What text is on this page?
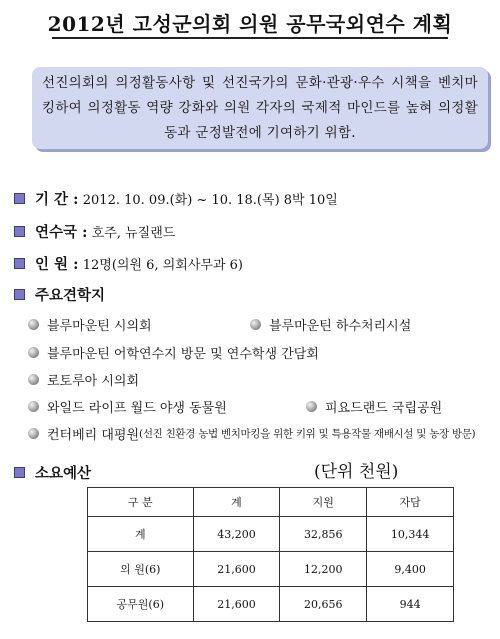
2012년 고성군의회 의원 공무국외연수 계획
선진의회의 의정활동사항 및 선진국가의 문화·관광·우수 시책을 벤치마킹하여 의정활동 역량 강화와 의원 각자의 국제적 마인드를 높혀 의정활동과 군정발전에 기여하기 위함.
기 간 :
2012. 10. 09.(화) ~ 10. 18.(목) 8박 10일
연수국 :
호주, 뉴질랜드
인 원 :
12명(의원 6, 의회사무과 6)
주요견학지
블루마운틴 시의회	블루마운틴 하수처리시설
블루마운틴 어학연수지 방문 및 연수학생 간담회
로토루아 시의회
와일드 라이프 월드 야생 동물원	피요드랜드 국립공원
컨터베리 대평원 (선진 친환경 농법 벤치마킹을 위한 키위 및 특용작물 재배시설 및 농장 방문)
소요예산	(단위 천원)
구 분	계	지원	자담
계	43,200	32,856	10,344
의 원(6)	21,600	12,200	9,400
공무원(6)	21,600	20,656	944
